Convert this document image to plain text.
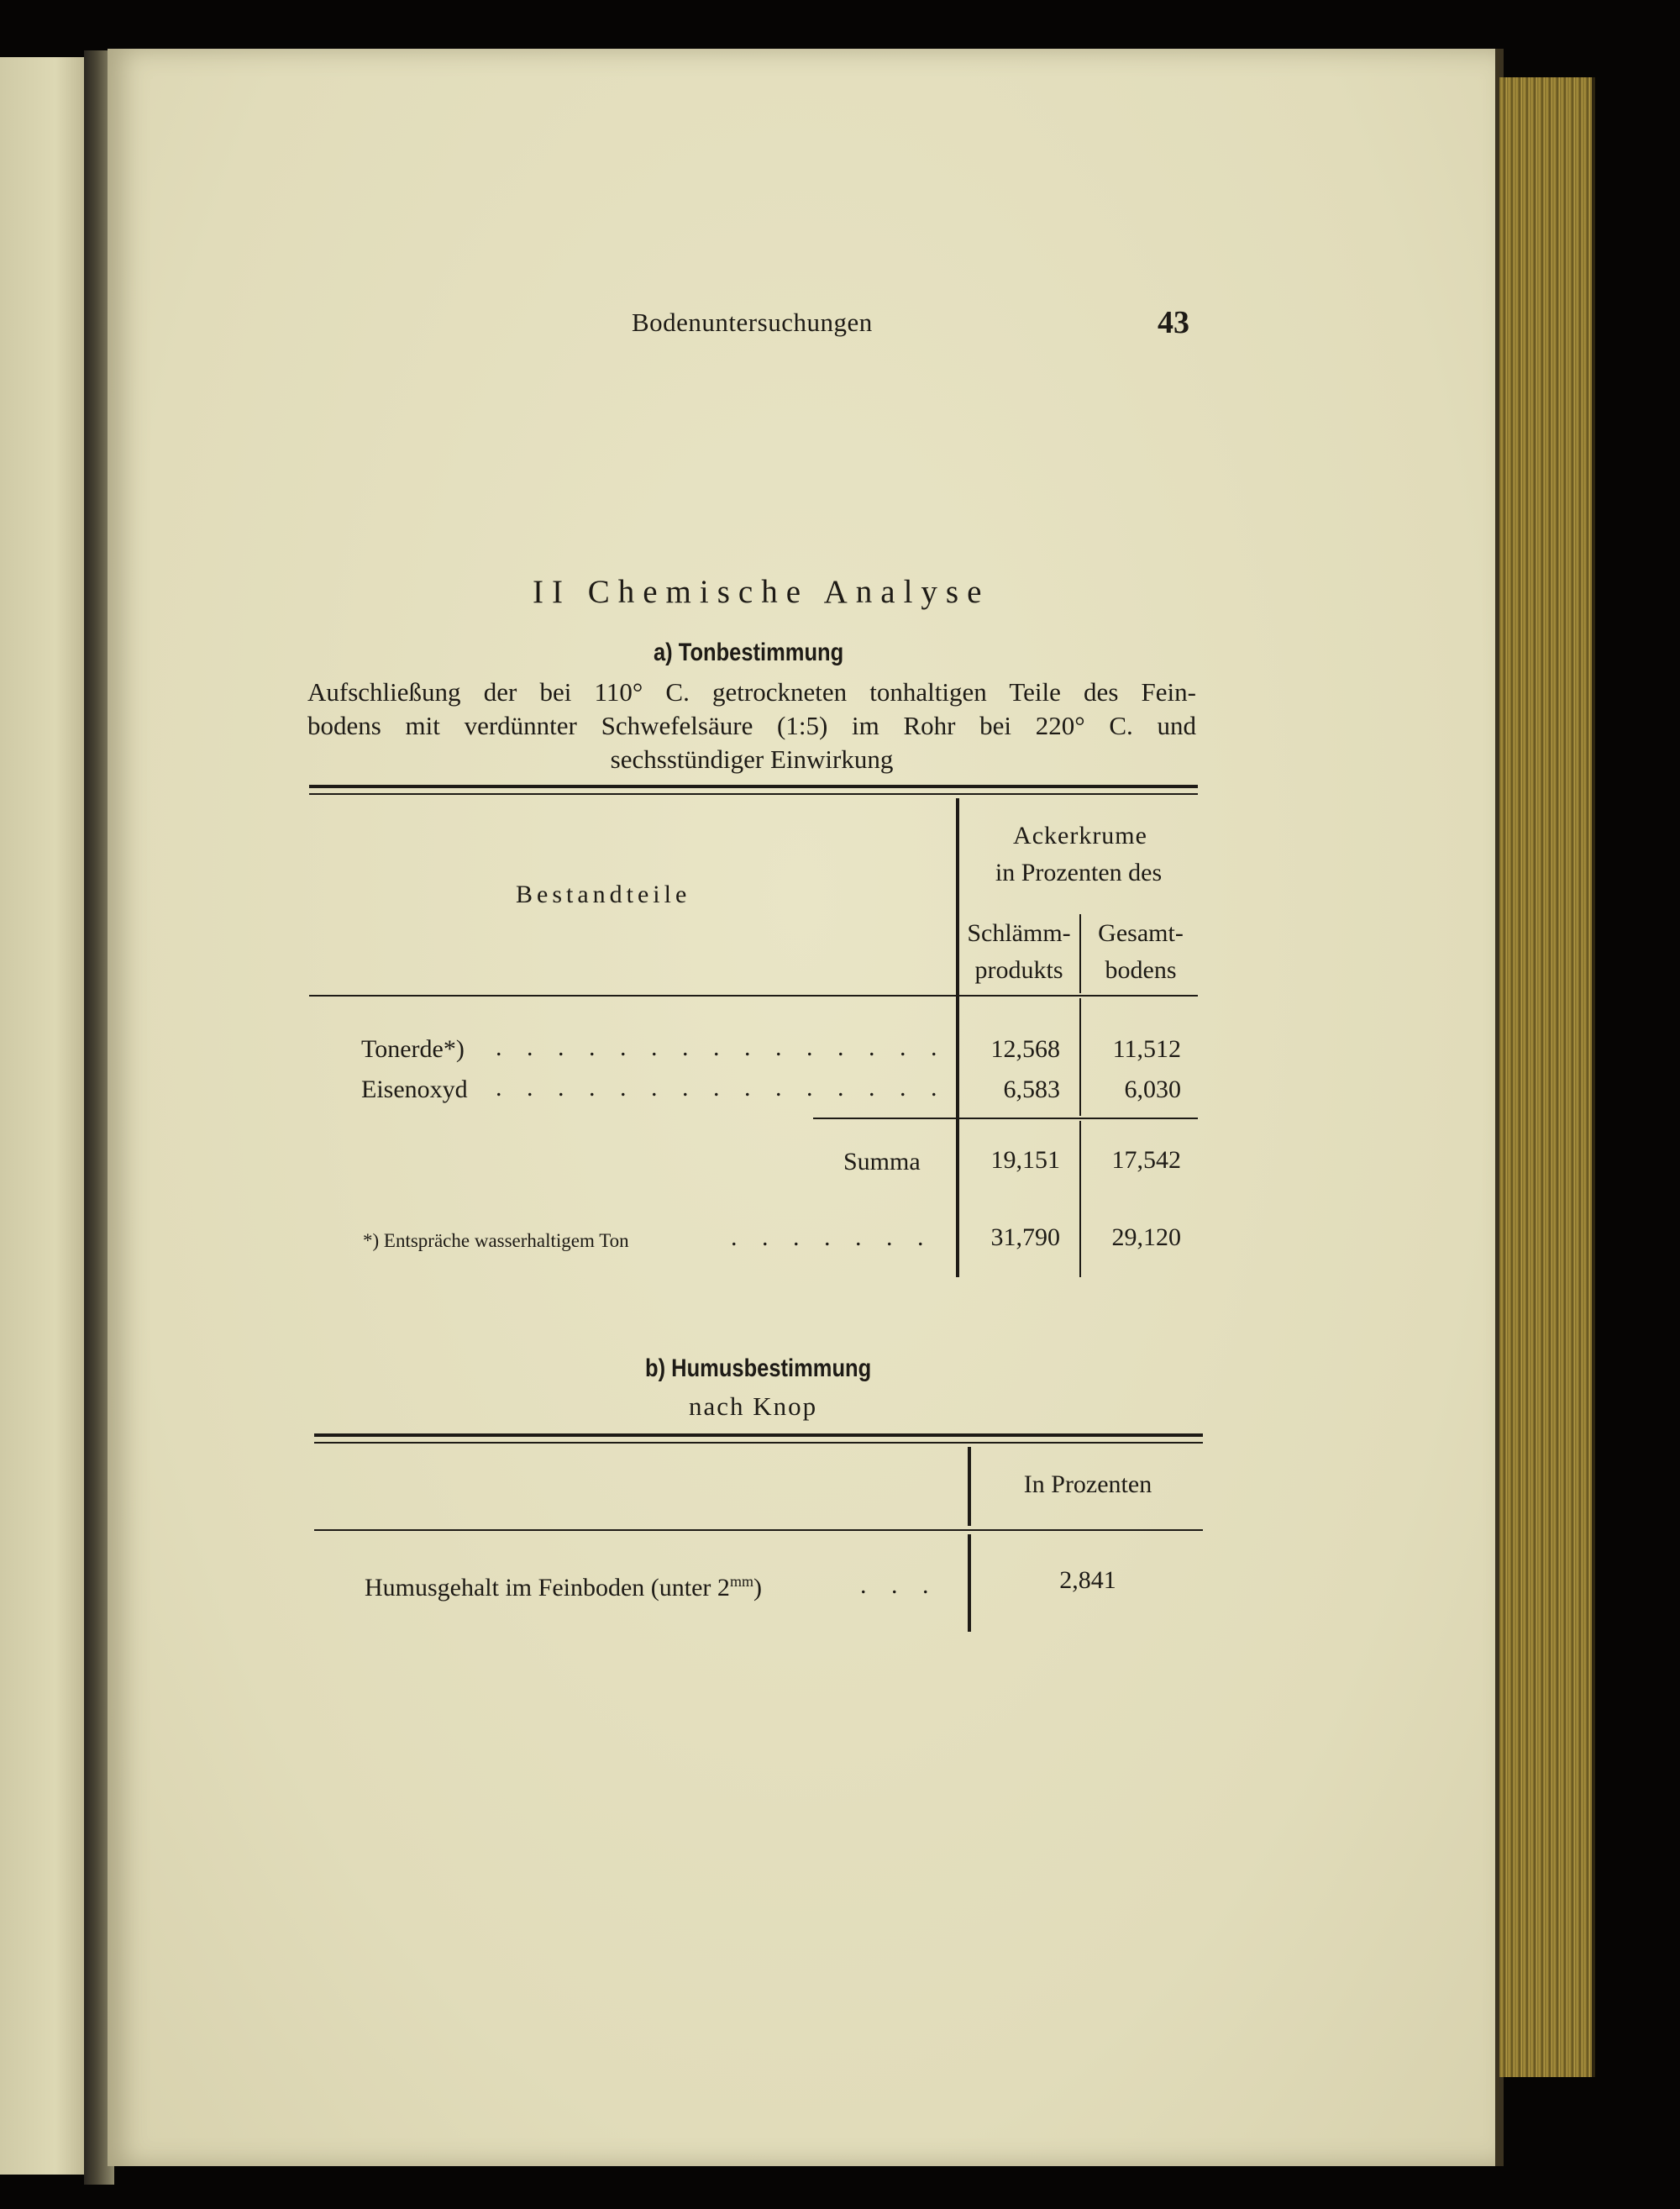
Bodenuntersuchungen	43
II Chemische Analyse
a) Tonbestimmung
Aufschließung der bei 110° C. getrockneten tonhaltigen Teile des Fein-
bodens mit verdünnter Schwefelsäure (1:5) im Rohr bei 220° C. und
sechsstündiger Einwirkung
Bestandteile
Ackerkrume
in Prozenten des
Schlämm-
produkts
Gesamt-
bodens
Tonerde*) . . . . . . . . . . . . . . .	12,568	11,512
Eisenoxyd . . . . . . . . . . . . . . .	6,583	6,030
Summa	19,151	17,542
*) Entspräche wasserhaltigem Ton	. . . . . . .	31,790	29,120
b) Humusbestimmung
nach Knop
In Prozenten
Humusgehalt im Feinboden (unter $2^{mm}$)	. . .	2,841
